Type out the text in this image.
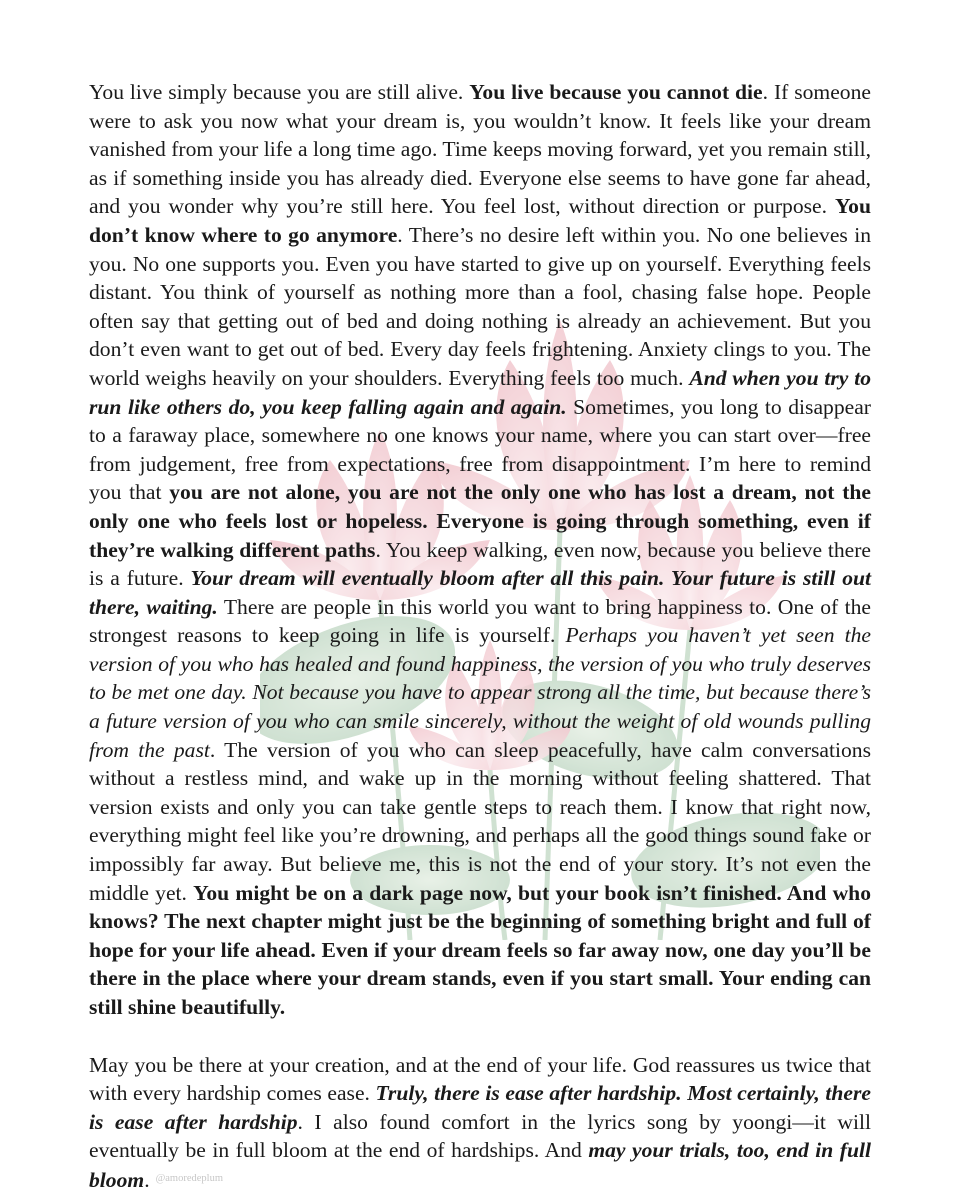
You live simply because you are still alive. You live because you cannot die. If someone were to ask you now what your dream is, you wouldn’t know. It feels like your dream vanished from your life a long time ago. Time keeps moving forward, yet you remain still, as if something inside you has already died. Everyone else seems to have gone far ahead, and you wonder why you’re still here. You feel lost, without direction or purpose. You don’t know where to go anymore. There’s no desire left within you. No one believes in you. No one supports you. Even you have started to give up on yourself. Everything feels distant. You think of yourself as nothing more than a fool, chasing false hope. People often say that getting out of bed and doing nothing is already an achievement. But you don’t even want to get out of bed. Every day feels frightening. Anxiety clings to you. The world weighs heavily on your shoulders. Everything feels too much. And when you try to run like others do, you keep falling again and again. Sometimes, you long to disappear to a faraway place, somewhere no one knows your name, where you can start over—free from judgement, free from expectations, free from disappointment. I’m here to remind you that you are not alone, you are not the only one who has lost a dream, not the only one who feels lost or hopeless. Everyone is going through something, even if they’re walking different paths. You keep walking, even now, because you believe there is a future. Your dream will eventually bloom after all this pain. Your future is still out there, waiting. There are people in this world you want to bring happiness to. One of the strongest reasons to keep going in life is yourself. Perhaps you haven’t yet seen the version of you who has healed and found happiness, the version of you who truly deserves to be met one day. Not because you have to appear strong all the time, but because there’s a future version of you who can smile sincerely, without the weight of old wounds pulling from the past. The version of you who can sleep peacefully, have calm conversations without a restless mind, and wake up in the morning without feeling shattered. That version exists and only you can take gentle steps to reach them. I know that right now, everything might feel like you’re drowning, and perhaps all the good things sound fake or impossibly far away. But believe me, this is not the end of your story. It’s not even the middle yet. You might be on a dark page now, but your book isn’t finished. And who knows? The next chapter might just be the beginning of something bright and full of hope for your life ahead. Even if your dream feels so far away now, one day you’ll be there in the place where your dream stands, even if you start small. Your ending can still shine beautifully.

May you be there at your creation, and at the end of your life. God reassures us twice that with every hardship comes ease. Truly, there is ease after hardship. Most certainly, there is ease after hardship. I also found comfort in the lyrics song by yoongi—it will eventually be in full bloom at the end of hardships. And may your trials, too, end in full bloom. $^{@amoredeplum}$
